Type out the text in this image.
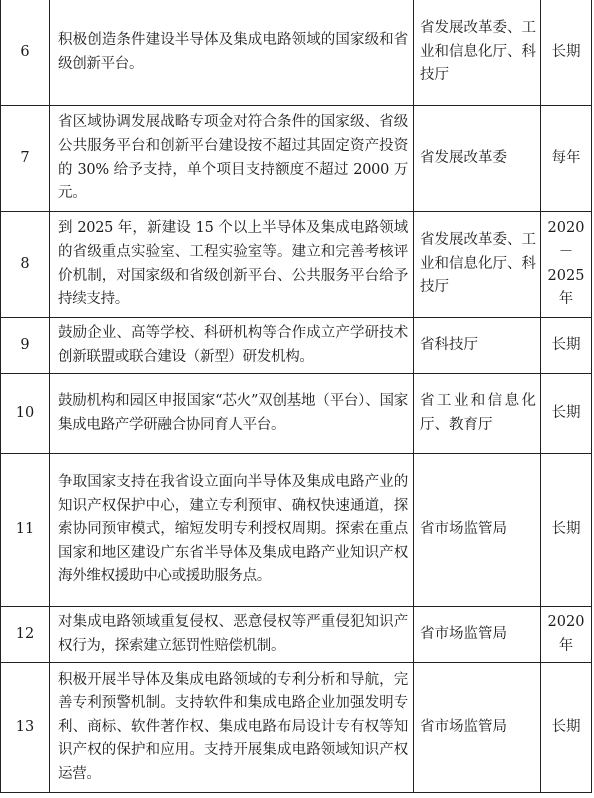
6	积极创造条件建设半导体及集成电路领域的国家级和省级创新平台。	省发展改革委、工业和信息化厅、科技厅	长期
7	省区域协调发展战略专项金对符合条件的国家级、省级公共服务平台和创新平台建设按不超过其固定资产投资的 30% 给予支持，单个项目支持额度不超过 2000 万元。	省发展改革委	每年
8	到 2025 年，新建设 15 个以上半导体及集成电路领域的省级重点实验室、工程实验室等。建立和完善考核评价机制，对国家级和省级创新平台、公共服务平台给予持续支持。	省发展改革委、工业和信息化厅、科技厅	2020－2025 年
9	鼓励企业、高等学校、科研机构等合作成立产学研技术创新联盟或联合建设（新型）研发机构。	省科技厅	长期
10	鼓励机构和园区申报国家“芯火”双创基地（平台）、国家集成电路产学研融合协同育人平台。	省工业和信息化厅、教育厅	长期
11	争取国家支持在我省设立面向半导体及集成电路产业的知识产权保护中心，建立专利预审、确权快速通道，探索协同预审模式，缩短发明专利授权周期。探索在重点国家和地区建设广东省半导体及集成电路产业知识产权海外维权援助中心或援助服务点。	省市场监管局	长期
12	对集成电路领域重复侵权、恶意侵权等严重侵犯知识产权行为，探索建立惩罚性赔偿机制。	省市场监管局	2020 年
13	积极开展半导体及集成电路领域的专利分析和导航，完善专利预警机制。支持软件和集成电路企业加强发明专利、商标、软件著作权、集成电路布局设计专有权等知识产权的保护和应用。支持开展集成电路领域知识产权运营。	省市场监管局	长期
